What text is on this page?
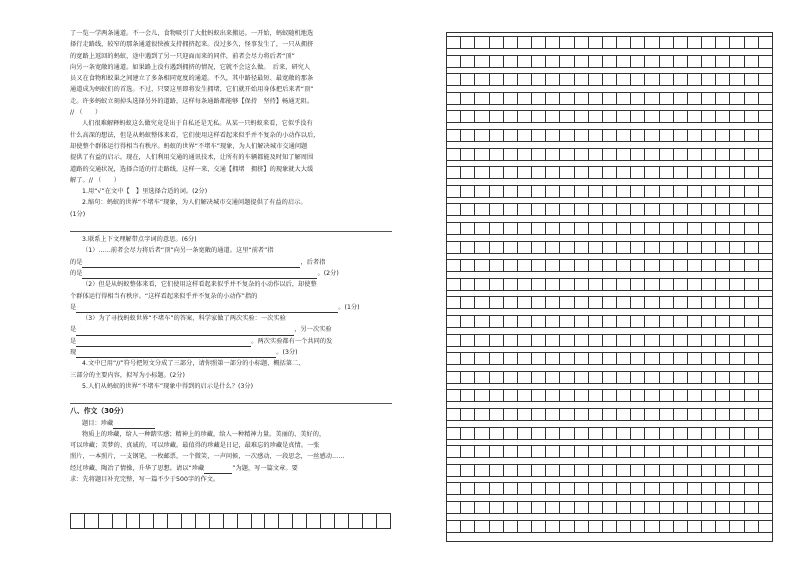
了一览一学两条通道。不一会儿，食物吸引了大批蚂蚁出来搬运。一开始，蚂蚁随机地选

择行走路线，较窄的那条通道很快被支持拥挤起来。没过多久，怪事发生了，一只从拥挤

的宽路上返回的蚂蚁，途中遇到了另一只迎面而来的同伴，前者会尽力将后者“顶”

向另一条宽敞的通道。如果路上没有遇到拥挤的情况，它就不会这么做。　后来，研究人

员又在食物和蚁巢之间建立了多条相同宽度的通道。不久，其中路径最短、最宽敞的那条

通道成为蚂蚁们的首选。不过，只要这里即将发生拥堵，它们就开始用身体把后来者“顶”

走。许多蚂蚁立刻掉头选择另外的道路，这样每条通路都能够【保持　坚持】畅通无阻。

// （　　）

人们很难解释蚂蚁这么做究竟是出于自私还是无私。从某一只蚂蚁来看，它似乎没有

什么高深的想法，但是从蚂蚁整体来看，它们使用这样看起来似乎并不复杂的小动作以后，

却使整个群体运行得相当有秩序。蚂蚁的世界“不堵车”现象，为人们解决城市交通问题

提供了有益的启示。现在，人们利用交通的通讯技术，让所有的车辆都能及时知了解周围

道路的交通状况，选择合适的行走路线，这样一来，交通【拥堵　拥挤】的现象就大大缓

解了。// （　　）

1.用“√”在文中【　】里选择合适的词。(2分)

2.缩句：蚂蚁的世界“不堵车”现象，为人们解决城市交通问题提供了有益的启示。

(1分)

3.联系上下文理解带点字词的意思。(6分)

（1）……前者会尽力将后者“顶”向另一条宽敞的通道。这里“前者”指

的是	，后者指

的是	。(2分)

（2）但是从蚂蚁整体来看，它们使用这样看起来似乎并不复杂的小动作以后，却使整

个群体运行得相当有秩序。“这样看起来似乎并不复杂的小动作”指的

是	。(1分)

（3）为了寻找蚂蚁世界“不堵车”的答案，科学家做了两次实验：一次实验

是	，另一次实验

是	。两次实验都有一个共同的发

现	。(3分)

4.文中已用“//”符号把短文分成了三部分，请你照第一部分的小标题，概括第二、

三部分的主要内容，拟写为小标题。(2分)

5.人们从蚂蚁的世界“不堵车”现象中得到的启示是什么？(3分)

八、作文（30分）

题目：珍藏

物质上的珍藏，给人一种踏实感；精神上的珍藏，给人一种精神力量。美丽的、美好的，

可以珍藏；美梦的、真诚的，可以珍藏。最值得的珍藏是日记，最难忘的珍藏是真情。一张

照片，一本照片，一支钢笔，一枚邮票，一个微笑，一声问候，一次感动，一段思念，一丝感动……

经过珍藏，陶冶了情操，升华了思想。请以“珍藏	”为题，写一篇文章。要

求：先将题目补充完整，写一篇不少于500字的作文。
